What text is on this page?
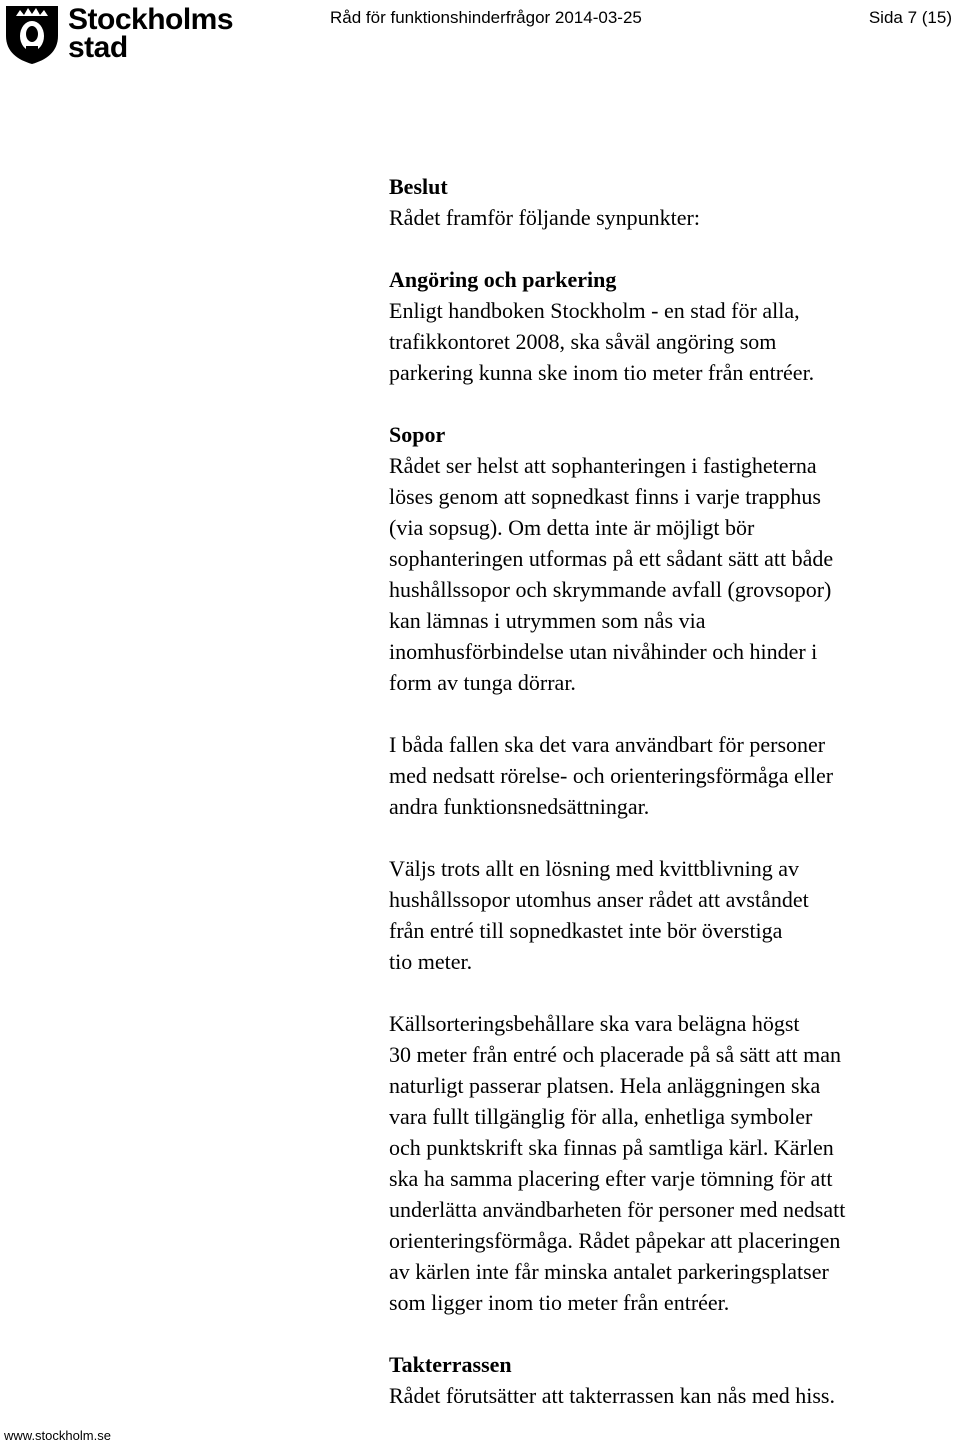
Stockholms
stad
Råd för funktionshinderfrågor 2014-03-25	Sida 7 (15)
Beslut
Rådet framför följande synpunkter:
Angöring och parkering
Enligt handboken Stockholm - en stad för alla,
trafikkontoret 2008, ska såväl angöring som
parkering kunna ske inom tio meter från entréer.
Sopor
Rådet ser helst att sophanteringen i fastigheterna
löses genom att sopnedkast finns i varje trapphus
(via sopsug). Om detta inte är möjligt bör
sophanteringen utformas på ett sådant sätt att både
hushållssopor och skrymmande avfall (grovsopor)
kan lämnas i utrymmen som nås via
inomhusförbindelse utan nivåhinder och hinder i
form av tunga dörrar.
I båda fallen ska det vara användbart för personer
med nedsatt rörelse- och orienteringsförmåga eller
andra funktionsnedsättningar.
Väljs trots allt en lösning med kvittblivning av
hushållssopor utomhus anser rådet att avståndet
från entré till sopnedkastet inte bör överstiga
tio meter.
Källsorteringsbehållare ska vara belägna högst
30 meter från entré och placerade på så sätt att man
naturligt passerar platsen. Hela anläggningen ska
vara fullt tillgänglig för alla, enhetliga symboler
och punktskrift ska finnas på samtliga kärl. Kärlen
ska ha samma placering efter varje tömning för att
underlätta användbarheten för personer med nedsatt
orienteringsförmåga. Rådet påpekar att placeringen
av kärlen inte får minska antalet parkeringsplatser
som ligger inom tio meter från entréer.
Takterrassen
Rådet förutsätter att takterrassen kan nås med hiss.
www.stockholm.se
